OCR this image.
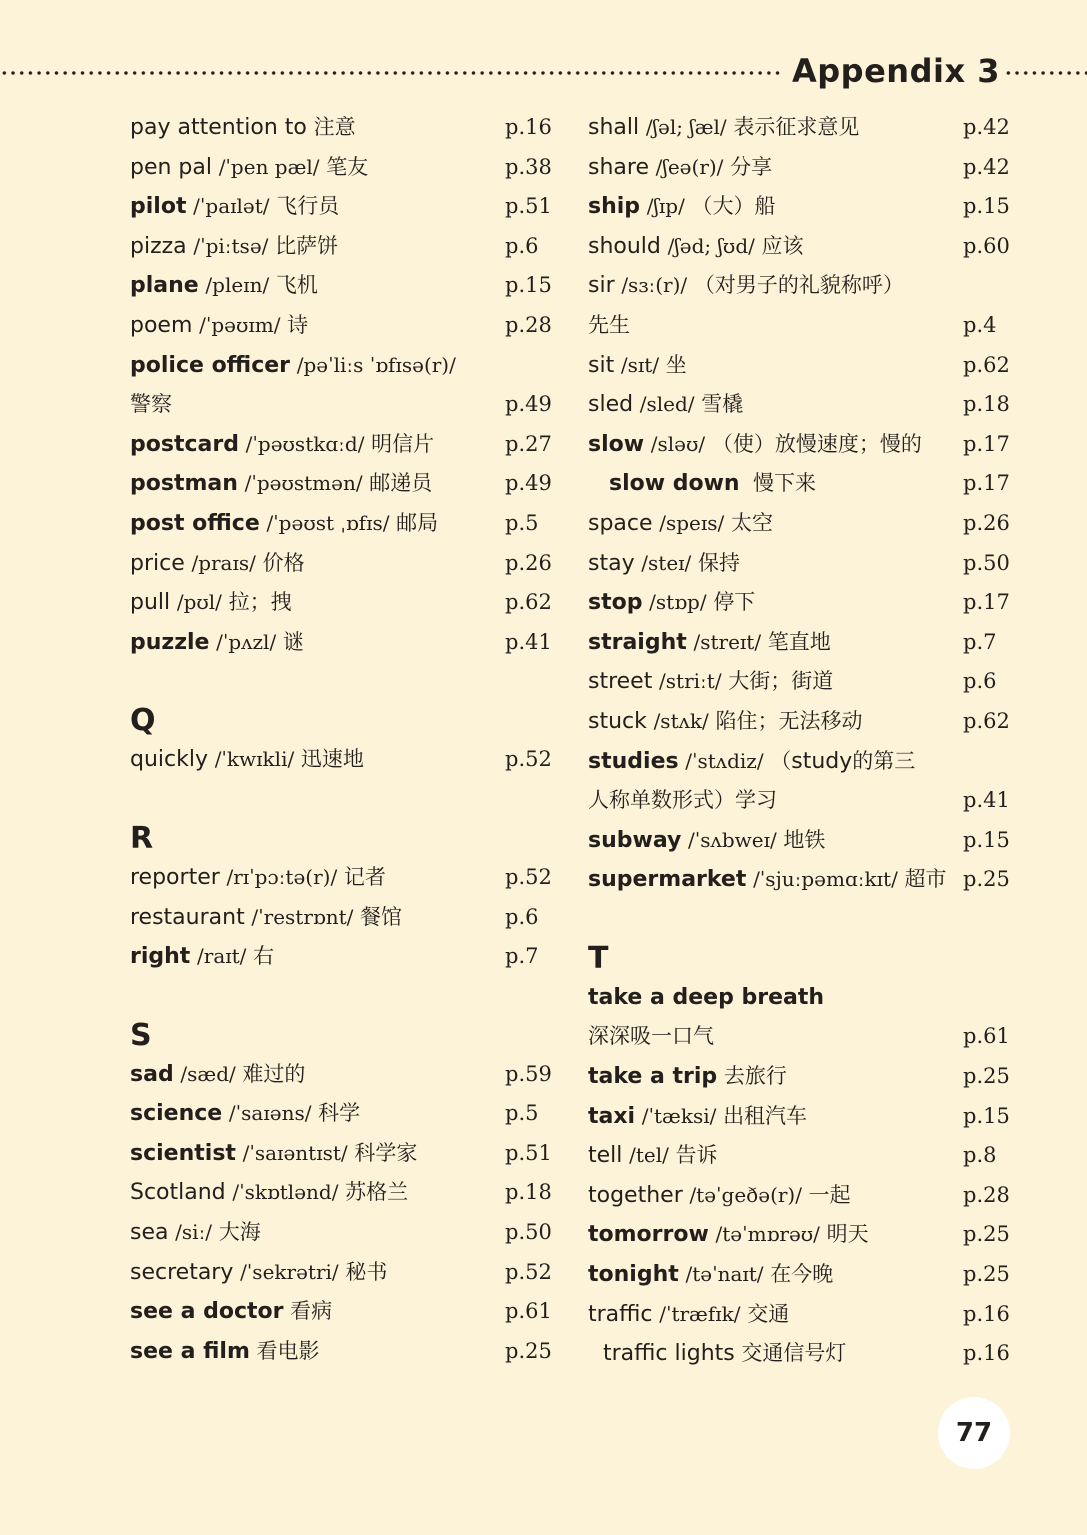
Appendix 3
pay attention to 注意	p.16
pen pal /ˈpen pæl/ 笔友	p.38
pilot /ˈpaɪlət/ 飞行员	p.51
pizza /ˈpiːtsə/ 比萨饼	p.6
plane /pleɪn/ 飞机	p.15
poem /ˈpəʊɪm/ 诗	p.28
police officer /pəˈliːs ˈɒfɪsə(r)/
警察	p.49
postcard /ˈpəʊstkɑːd/ 明信片	p.27
postman /ˈpəʊstmən/ 邮递员	p.49
post office /ˈpəʊst ˌɒfɪs/ 邮局	p.5
price /praɪs/ 价格	p.26
pull /pʊl/ 拉；拽	p.62
puzzle /ˈpʌzl/ 谜	p.41
Q
quickly /ˈkwɪkli/ 迅速地	p.52
R
reporter /rɪˈpɔːtə(r)/ 记者	p.52
restaurant /ˈrestrɒnt/ 餐馆	p.6
right /raɪt/ 右	p.7
S
sad /sæd/ 难过的	p.59
science /ˈsaɪəns/ 科学	p.5
scientist /ˈsaɪəntɪst/ 科学家	p.51
Scotland /ˈskɒtlənd/ 苏格兰	p.18
sea /siː/ 大海	p.50
secretary /ˈsekrətri/ 秘书	p.52
see a doctor 看病	p.61
see a film 看电影	p.25
shall /ʃəl; ʃæl/ 表示征求意见	p.42
share /ʃeə(r)/ 分享	p.42
ship /ʃɪp/ （大）船	p.15
should /ʃəd; ʃʊd/ 应该	p.60
sir /sɜː(r)/ （对男子的礼貌称呼）
先生	p.4
sit /sɪt/ 坐	p.62
sled /sled/ 雪橇	p.18
slow /sləʊ/ （使）放慢速度；慢的 p.17
slow down 慢下来	p.17
space /speɪs/ 太空	p.26
stay /steɪ/ 保持	p.50
stop /stɒp/ 停下	p.17
straight /streɪt/ 笔直地	p.7
street /striːt/ 大街；街道	p.6
stuck /stʌk/ 陷住；无法移动	p.62
studies /ˈstʌdiz/ （study的第三
人称单数形式）学习	p.41
subway /ˈsʌbweɪ/ 地铁	p.15
supermarket /ˈsjuːpəmɑːkɪt/ 超市 p.25
T
take a deep breath
深深吸一口气	p.61
take a trip 去旅行	p.25
taxi /ˈtæksi/ 出租汽车	p.15
tell /tel/ 告诉	p.8
together /təˈgeðə(r)/ 一起	p.28
tomorrow /təˈmɒrəʊ/ 明天	p.25
tonight /təˈnaɪt/ 在今晚	p.25
traffic /ˈtræfɪk/ 交通	p.16
traffic lights 交通信号灯	p.16
77
